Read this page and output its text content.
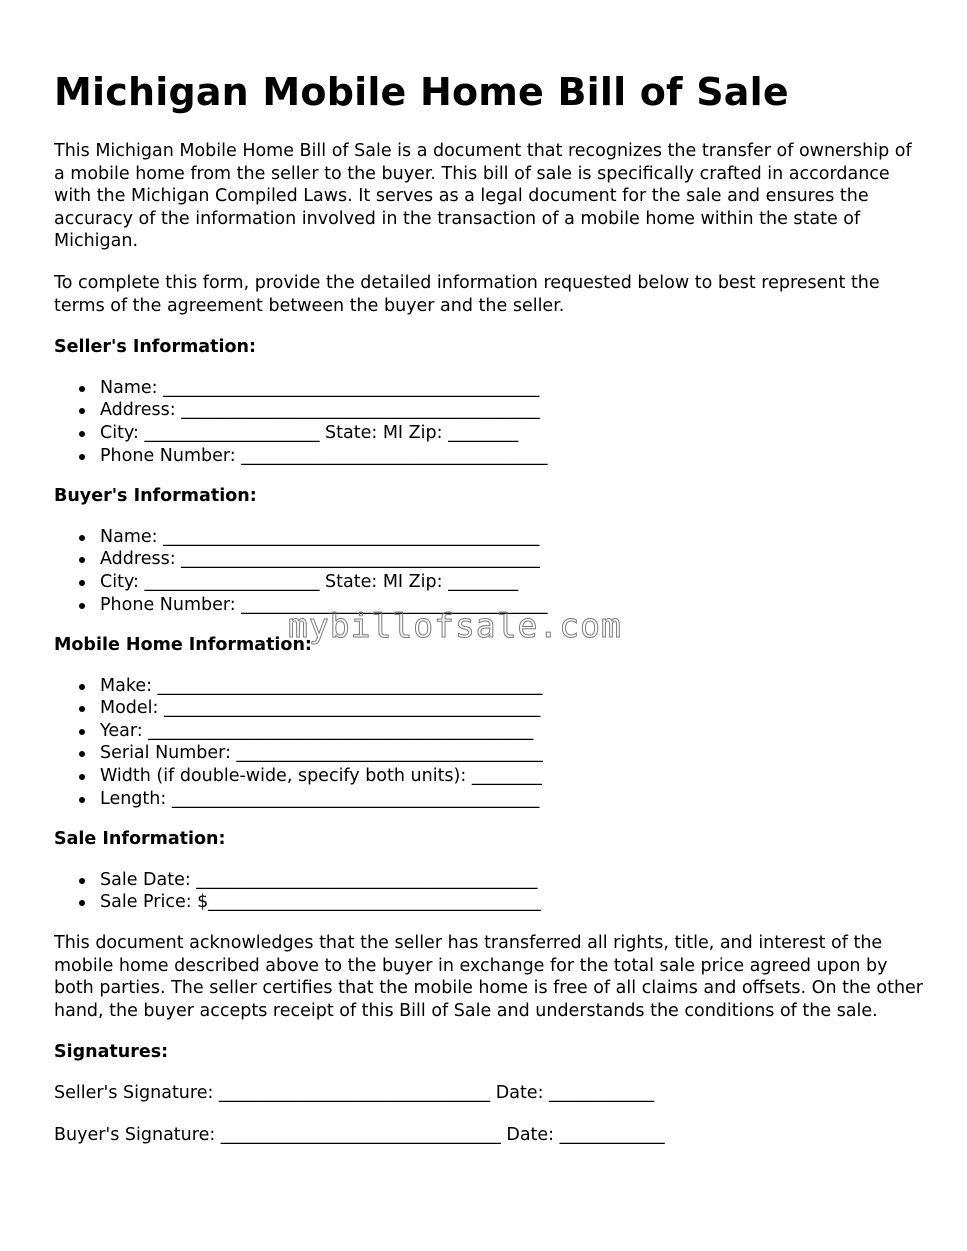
Michigan Mobile Home Bill of Sale

This Michigan Mobile Home Bill of Sale is a document that recognizes the transfer of ownership of a mobile home from the seller to the buyer. This bill of sale is specifically crafted in accordance with the Michigan Compiled Laws. It serves as a legal document for the sale and ensures the accuracy of the information involved in the transaction of a mobile home within the state of Michigan.

To complete this form, provide the detailed information requested below to best represent the terms of the agreement between the buyer and the seller.

Seller's Information:
Name: ___________________________________________
Address: _________________________________________
City: ____________________ State: MI Zip: ________
Phone Number: ___________________________________
Buyer's Information:
Name: ___________________________________________
Address: _________________________________________
City: ____________________ State: MI Zip: ________
Phone Number: ___________________________________
Mobile Home Information:
Make: ____________________________________________
Model: ___________________________________________
Year: ____________________________________________
Serial Number: ___________________________________
Width (if double-wide, specify both units): ________
Length: __________________________________________
Sale Information:
Sale Date: _______________________________________
Sale Price: $______________________________________

This document acknowledges that the seller has transferred all rights, title, and interest of the mobile home described above to the buyer in exchange for the total sale price agreed upon by both parties. The seller certifies that the mobile home is free of all claims and offsets. On the other hand, the buyer accepts receipt of this Bill of Sale and understands the conditions of the sale.

Signatures:
Seller's Signature: _______________________________ Date: ____________
Buyer's Signature: ________________________________ Date: ____________
mybillofsale.com
